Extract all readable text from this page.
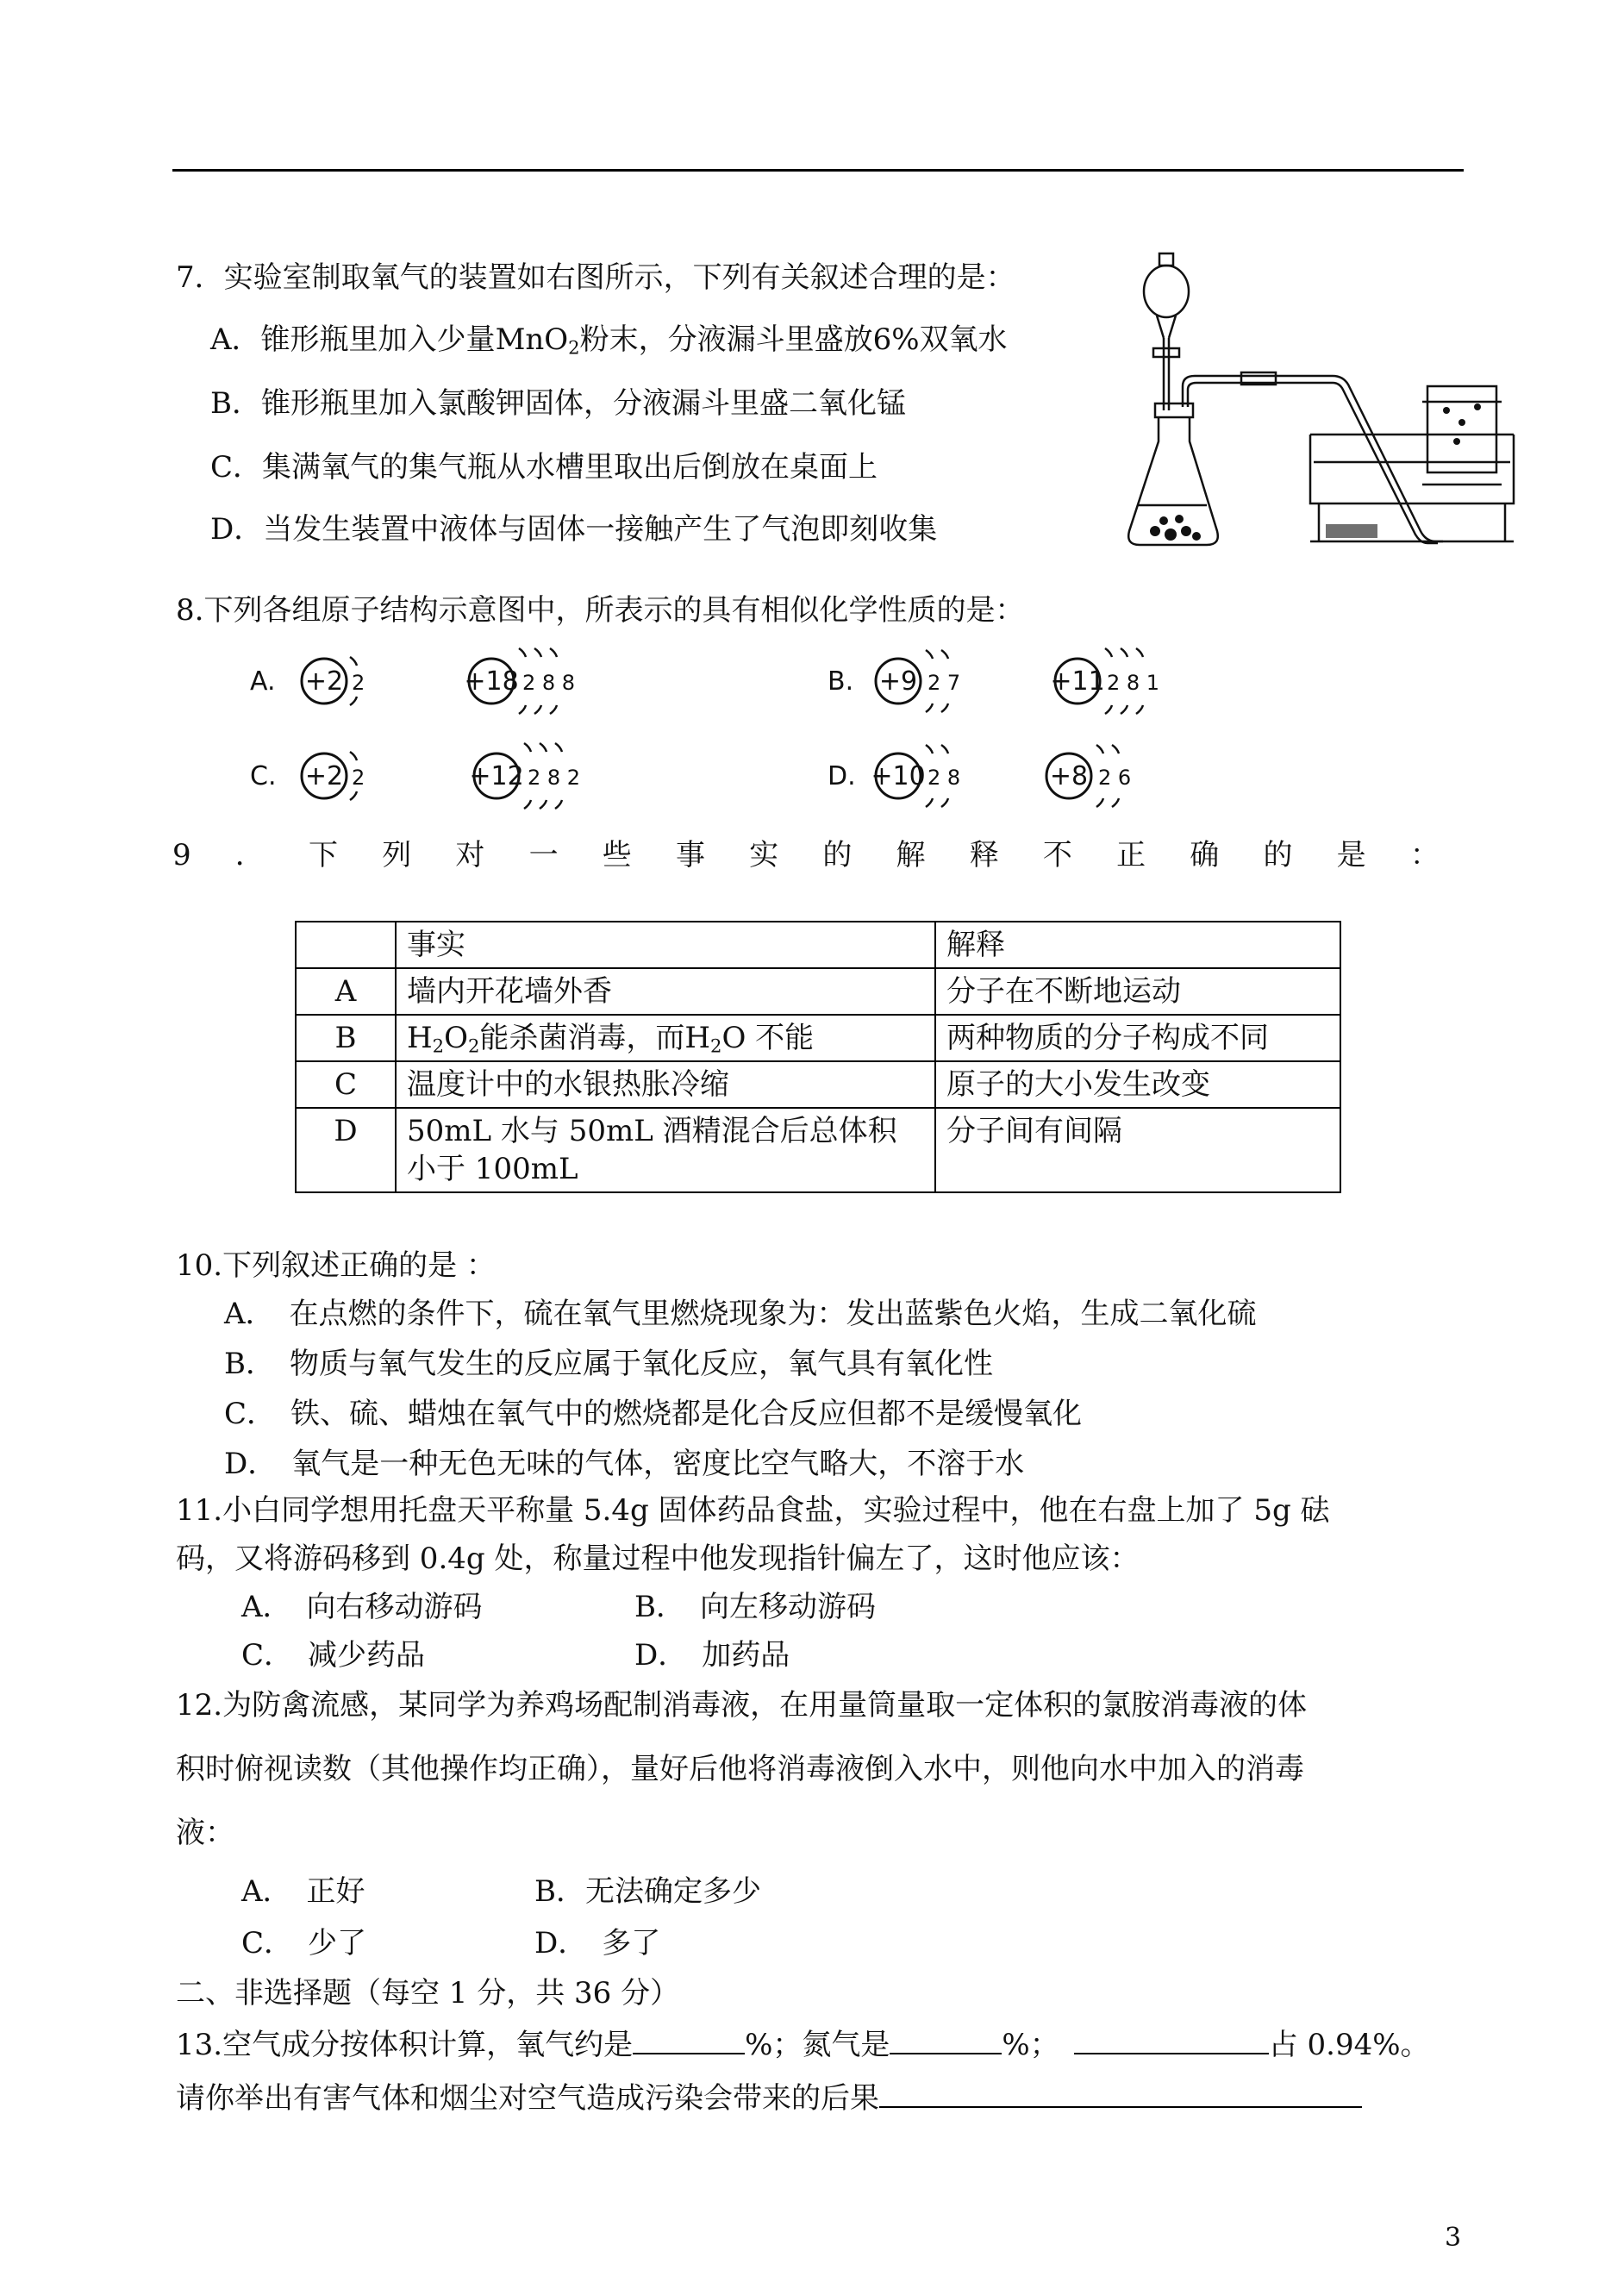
7．实验室制取氧气的装置如右图所示，下列有关叙述合理的是：
A．锥形瓶里加入少量MnO$_2$粉末，分液漏斗里盛放6%双氧水
B．锥形瓶里加入氯酸钾固体，分液漏斗里盛二氧化锰
C．集满氧气的集气瓶从水槽里取出后倒放在桌面上
D．当发生装置中液体与固体一接触产生了气泡即刻收集
8.下列各组原子结构示意图中，所表示的具有相似化学性质的是：
A. +2 2	+18 2 8 8	B. +9 2 7	+11 2 8 1
C. +2 2	+12 2 8 2	D. +10 2 8	+8 2 6
9 ． 下 列 对 一 些 事 实 的 解 释 不 正 确 的 是 ：
	事实	解释
A	墙内开花墙外香	分子在不断地运动
B	$H_2O_2$能杀菌消毒，而$H_2O$ 不能	两种物质的分子构成不同
C	温度计中的水银热胀冷缩	原子的大小发生改变
D	50mL 水与 50mL 酒精混合后总体积小于 100mL	分子间有间隔
10.下列叙述正确的是 ：
A．　在点燃的条件下，硫在氧气里燃烧现象为：发出蓝紫色火焰，生成二氧化硫
B．　物质与氧气发生的反应属于氧化反应，氧气具有氧化性
C．　铁、硫、蜡烛在氧气中的燃烧都是化合反应但都不是缓慢氧化
D．　氧气是一种无色无味的气体，密度比空气略大，不溶于水
11.小白同学想用托盘天平称量 5.4g 固体药品食盐，实验过程中，他在右盘上加了 5g 砝
码，又将游码移到 0.4g 处，称量过程中他发现指针偏左了，这时他应该：
A．　向右移动游码	B．　向左移动游码
C．　减少药品	D．　加药品
12.为防禽流感，某同学为养鸡场配制消毒液，在用量筒量取一定体积的氯胺消毒液的体
积时俯视读数（其他操作均正确），量好后他将消毒液倒入水中，则他向水中加入的消毒
液：
A．　正好	B．无法确定多少
C．　少了	D．　多了
二、非选择题（每空 1 分，共 36 分）
13.空气成分按体积计算，氧气约是	%；氮气是	%；　	占 0.94%。
请你举出有害气体和烟尘对空气造成污染会带来的后果
3
